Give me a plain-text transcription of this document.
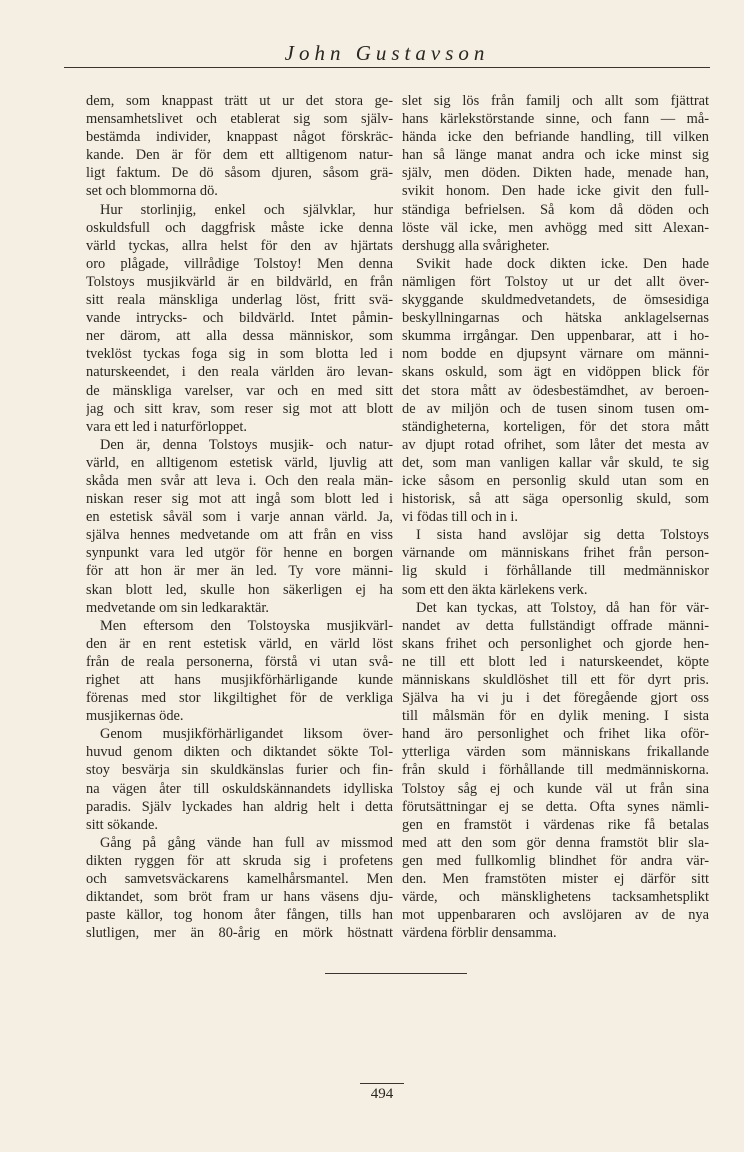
John Gustavson
dem, som knappast trätt ut ur det stora ge-
mensamhetslivet och etablerat sig som själv-
bestämda individer, knappast något förskräc-
kande. Den är för dem ett alltigenom natur-
ligt faktum. De dö såsom djuren, såsom grä-
set och blommorna dö.
Hur storlinjig, enkel och självklar, hur
oskuldsfull och daggfrisk måste icke denna
värld tyckas, allra helst för den av hjärtats
oro plågade, villrådige Tolstoy! Men denna
Tolstoys musjikvärld är en bildvärld, en från
sitt reala mänskliga underlag löst, fritt svä-
vande intrycks- och bildvärld. Intet påmin-
ner därom, att alla dessa människor, som
tveklöst tyckas foga sig in som blotta led i
naturskeendet, i den reala världen äro levan-
de mänskliga varelser, var och en med sitt
jag och sitt krav, som reser sig mot att blott
vara ett led i naturförloppet.
Den är, denna Tolstoys musjik- och natur-
värld, en alltigenom estetisk värld, ljuvlig att
skåda men svår att leva i. Och den reala män-
niskan reser sig mot att ingå som blott led i
en estetisk såväl som i varje annan värld. Ja,
själva hennes medvetande om att från en viss
synpunkt vara led utgör för henne en borgen
för att hon är mer än led. Ty vore männi-
skan blott led, skulle hon säkerligen ej ha
medvetande om sin ledkaraktär.
Men eftersom den Tolstoyska musjikvärl-
den är en rent estetisk värld, en värld löst
från de reala personerna, förstå vi utan svå-
righet att hans musjikförhärligande kunde
förenas med stor likgiltighet för de verkliga
musjikernas öde.
Genom musjikförhärligandet liksom över-
huvud genom dikten och diktandet sökte Tol-
stoy besvärja sin skuldkänslas furier och fin-
na vägen åter till oskuldskännandets idylliska
paradis. Själv lyckades han aldrig helt i detta
sitt sökande.
Gång på gång vände han full av missmod
dikten ryggen för att skruda sig i profetens
och samvetsväckarens kamelhårsmantel. Men
diktandet, som bröt fram ur hans väsens dju-
paste källor, tog honom åter fången, tills han
slutligen, mer än 80-årig en mörk höstnatt
slet sig lös från familj och allt som fjättrat
hans kärlekstörstande sinne, och fann — må-
hända icke den befriande handling, till vilken
han så länge manat andra och icke minst sig
själv, men döden. Dikten hade, menade han,
svikit honom. Den hade icke givit den full-
ständiga befrielsen. Så kom då döden och
löste väl icke, men avhögg med sitt Alexan-
dershugg alla svårigheter.
Svikit hade dock dikten icke. Den hade
nämligen fört Tolstoy ut ur det allt över-
skyggande skuldmedvetandets, de ömsesidiga
beskyllningarnas och hätska anklagelsernas
skumma irrgångar. Den uppenbarar, att i ho-
nom bodde en djupsynt värnare om männi-
skans oskuld, som ägt en vidöppen blick för
det stora mått av ödesbestämdhet, av beroen-
de av miljön och de tusen sinom tusen om-
ständigheterna, korteligen, för det stora mått
av djupt rotad ofrihet, som låter det mesta av
det, som man vanligen kallar vår skuld, te sig
icke såsom en personlig skuld utan som en
historisk, så att säga opersonlig skuld, som
vi födas till och in i.
I sista hand avslöjar sig detta Tolstoys
värnande om människans frihet från person-
lig skuld i förhållande till medmänniskor
som ett den äkta kärlekens verk.
Det kan tyckas, att Tolstoy, då han för vär-
nandet av detta fullständigt offrade männi-
skans frihet och personlighet och gjorde hen-
ne till ett blott led i naturskeendet, köpte
människans skuldlöshet till ett för dyrt pris.
Själva ha vi ju i det föregående gjort oss
till målsmän för en dylik mening. I sista
hand äro personlighet och frihet lika oför-
ytterliga värden som människans frikallande
från skuld i förhållande till medmänniskorna.
Tolstoy såg ej och kunde väl ut från sina
förutsättningar ej se detta. Ofta synes nämli-
gen en framstöt i värdenas rike få betalas
med att den som gör denna framstöt blir sla-
gen med fullkomlig blindhet för andra vär-
den. Men framstöten mister ej därför sitt
värde, och mänsklighetens tacksamhetsplikt
mot uppenbararen och avslöjaren av de nya
värdena förblir densamma.
494
